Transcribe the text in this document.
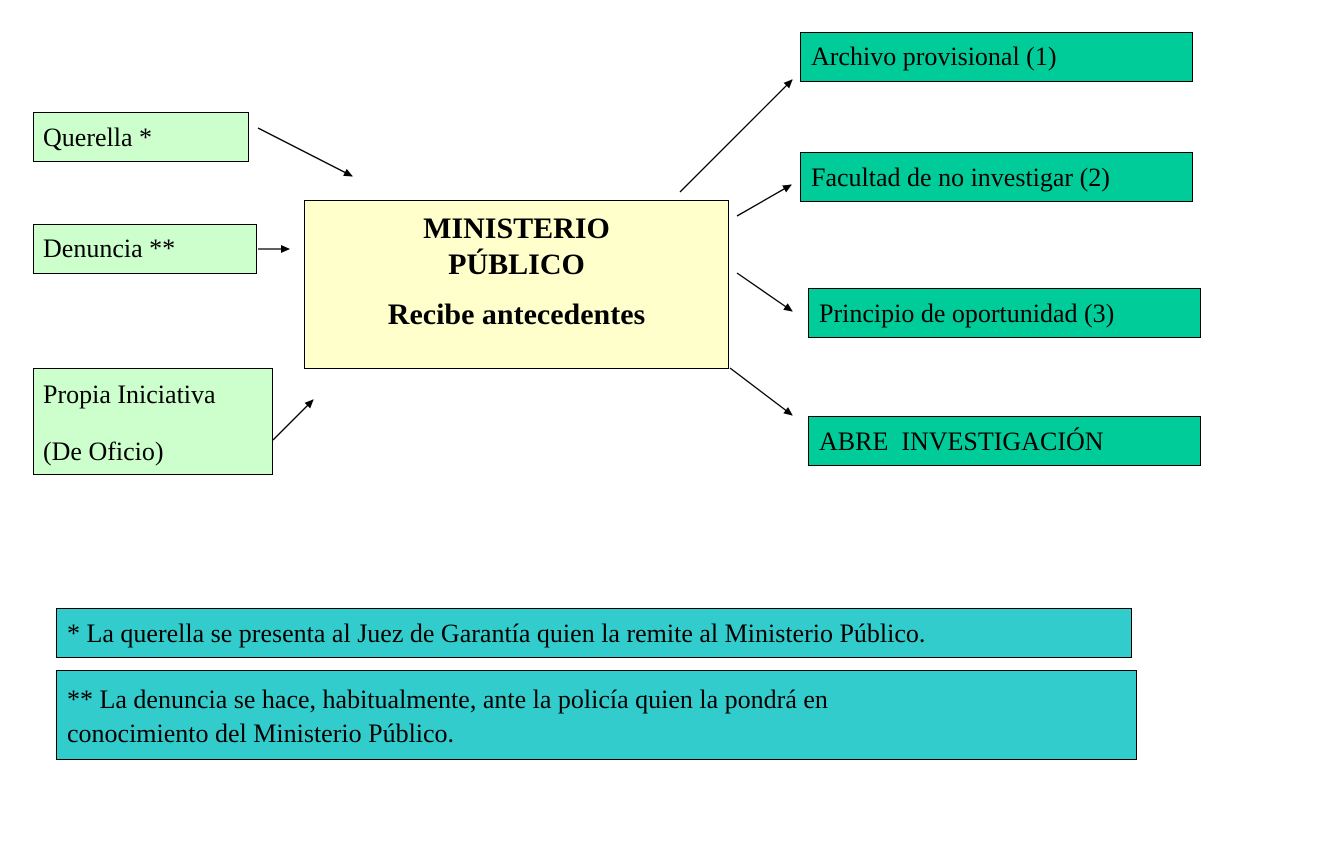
Querella *
Denuncia **
Propia Iniciativa
(De Oficio)
MINISTERIO
PÚBLICO
Recibe antecedentes
Archivo provisional (1)
Facultad de no investigar (2)
Principio de oportunidad (3)
ABRE  INVESTIGACIÓN
* La querella se presenta al Juez de Garantía quien la remite al Ministerio Público.
** La denuncia se hace, habitualmente, ante la policía quien la pondrá en
conocimiento del Ministerio Público.
